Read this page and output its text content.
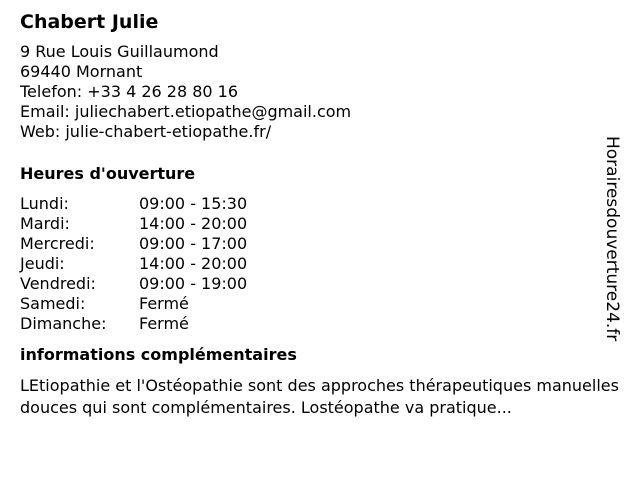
Chabert Julie
9 Rue Louis Guillaumond
69440 Mornant
Telefon: +33 4 26 28 80 16
Email: juliechabert.etiopathe@gmail.com
Web: julie-chabert-etiopathe.fr/
Heures d'ouverture
Lundi:	09:00 - 15:30
Mardi:	14:00 - 20:00
Mercredi:	09:00 - 17:00
Jeudi:	14:00 - 20:00
Vendredi:	09:00 - 19:00
Samedi:	Fermé
Dimanche:	Fermé
informations complémentaires
LEtiopathie et l'Ostéopathie sont des approches thérapeutiques manuelles douces qui sont complémentaires. Lostéopathe va pratique...
Horairesdouverture24.fr
